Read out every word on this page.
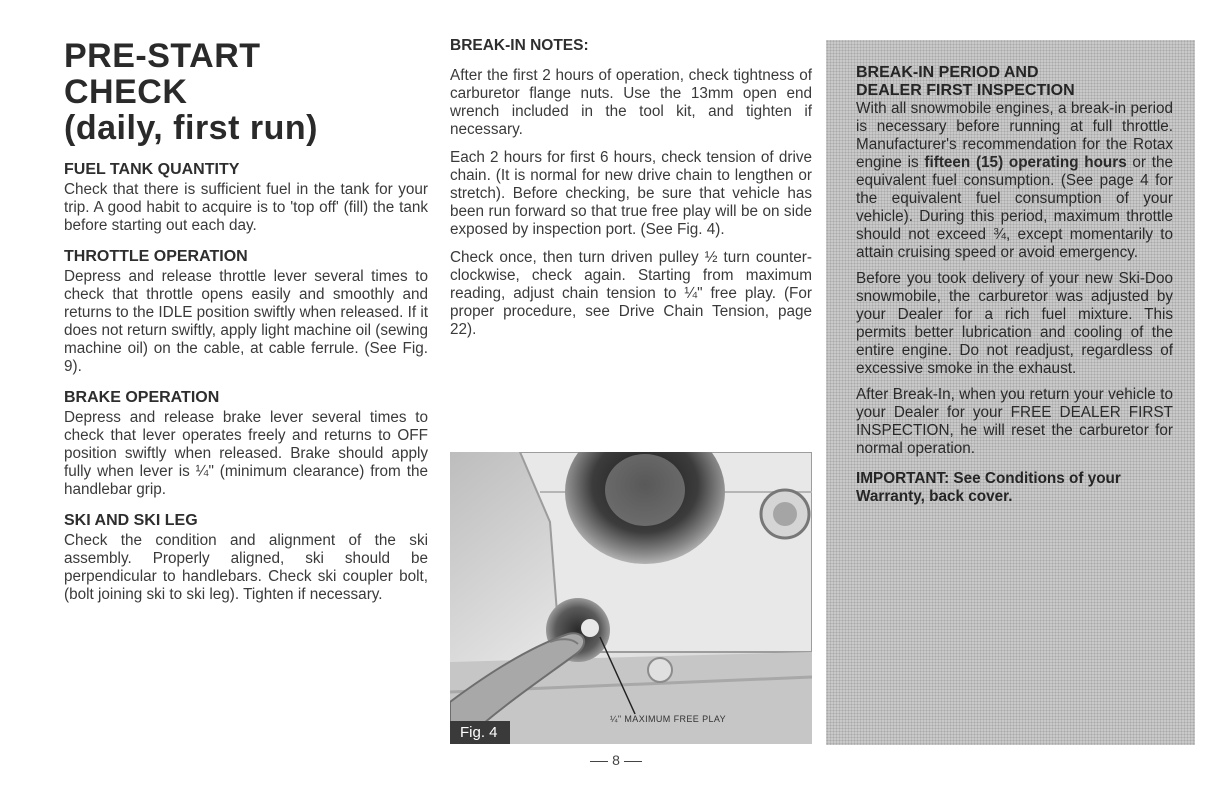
PRE-START
CHECK
(daily, first run)
FUEL TANK QUANTITY

Check that there is sufficient fuel in the tank for your trip. A good habit to acquire is to 'top off' (fill) the tank before starting out each day.

THROTTLE OPERATION

Depress and release throttle lever several times to check that throttle opens easily and smoothly and returns to the IDLE position swiftly when released. If it does not return swiftly, apply light machine oil (sewing machine oil) on the cable, at cable ferrule. (See Fig. 9).

BRAKE OPERATION

Depress and release brake lever several times to check that lever operates freely and returns to OFF position swiftly when released. Brake should apply fully when lever is ¼" (minimum clearance) from the handlebar grip.

SKI AND SKI LEG

Check the condition and alignment of the ski assembly. Properly aligned, ski should be perpendicular to handlebars. Check ski coupler bolt, (bolt joining ski to ski leg). Tighten if necessary.

BREAK-IN NOTES:

After the first 2 hours of operation, check tightness of carburetor flange nuts. Use the 13mm open end wrench included in the tool kit, and tighten if necessary.

Each 2 hours for first 6 hours, check tension of drive chain. (It is normal for new drive chain to lengthen or stretch). Before checking, be sure that vehicle has been run forward so that true free play will be on side exposed by inspection port. (See Fig. 4).

Check once, then turn driven pulley ½ turn counter-clockwise, check again. Starting from maximum reading, adjust chain tension to ¼" free play. (For proper procedure, see Drive Chain Tension, page 22).

Fig. 4
¼" MAXIMUM FREE PLAY
BREAK-IN PERIOD AND
DEALER FIRST INSPECTION

With all snowmobile engines, a break-in period is necessary before running at full throttle. Manufacturer's recommendation for the Rotax engine is fifteen (15) operating hours or the equivalent fuel consumption. (See page 4 for the equivalent fuel consumption of your vehicle). During this period, maximum throttle should not exceed ¾, except momentarily to attain cruising speed or avoid emergency.

Before you took delivery of your new Ski-Doo snowmobile, the carburetor was adjusted by your Dealer for a rich fuel mixture. This permits better lubrication and cooling of the entire engine. Do not readjust, regardless of excessive smoke in the exhaust.

After Break-In, when you return your vehicle to your Dealer for your FREE DEALER FIRST INSPECTION, he will reset the carburetor for normal operation.

IMPORTANT: See Conditions of your Warranty, back cover.
8
